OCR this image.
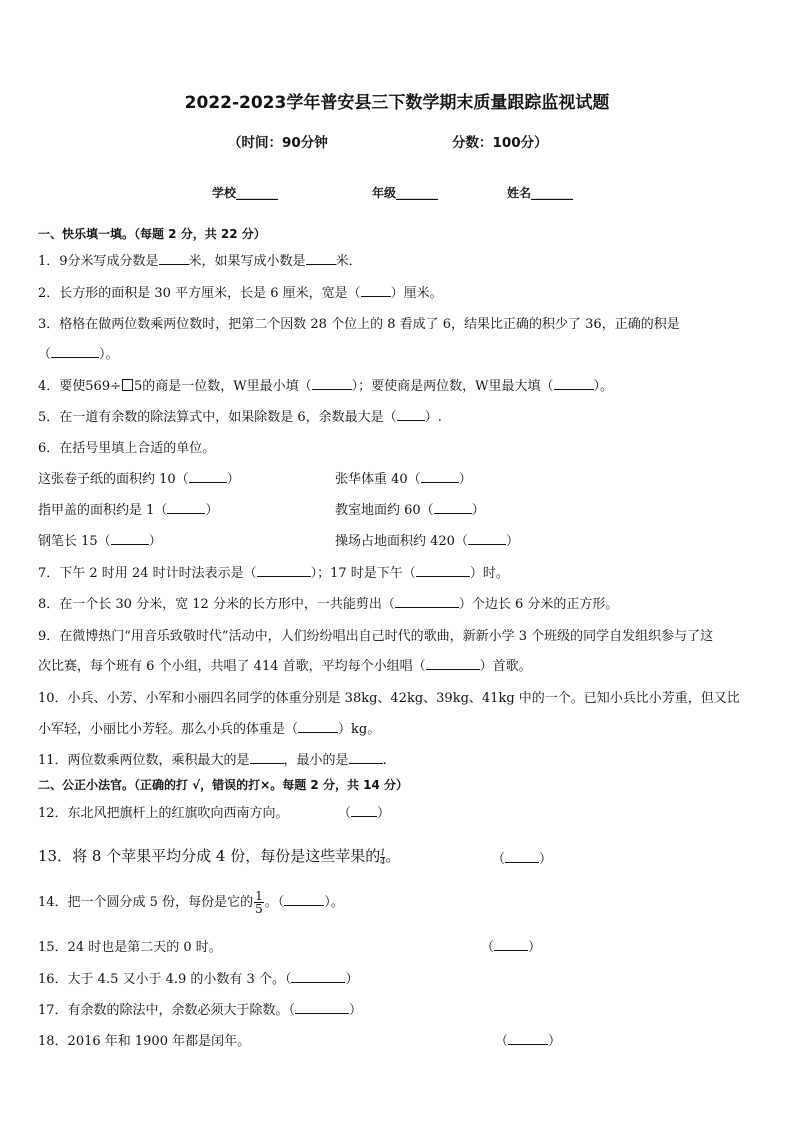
2022-2023学年普安县三下数学期末质量跟踪监视试题
（时间：90分钟	分数：100分）
学校_______	年级_______	姓名_______
一、快乐填一填。（每题 2 分，共 22 分）
1．9分米写成分数是 米，如果写成小数是 米．
2．长方形的面积是 30 平方厘米，长是 6 厘米，宽是（ ）厘米。
3．格格在做两位数乘两位数时，把第二个因数 28 个位上的 8 看成了 6，结果比正确的积少了 36，正确的积是
（	）。
4．要使569÷ 5的商是一位数，W里最小填（	）；要使商是两位数，W里最大填（	）。
5．在一道有余数的除法算式中，如果除数是 6，余数最大是（ ）.
6．在括号里填上合适的单位。
这张卷子纸的面积约 10（	）	张华体重 40（	）
指甲盖的面积约是 1（	）	教室地面约 60（	）
钢笔长 15（	）	操场占地面积约 420（	）
7．下午 2 时用 24 时计时法表示是（	）；17 时是下午（	）时。
8．在一个长 30 分米，宽 12 分米的长方形中，一共能剪出（	）个边长 6 分米的正方形。
9．在微博热门“用音乐致敬时代”活动中，人们纷纷唱出自己时代的歌曲，新新小学 3 个班级的同学自发组织参与了这
次比赛，每个班有 6 个小组，共唱了 414 首歌，平均每个小组唱（	）首歌。
10．小兵、小芳、小军和小丽四名同学的体重分别是 38kg、42kg、39kg、41kg 中的一个。已知小兵比小芳重，但又比
小军轻，小丽比小芳轻。那么小兵的体重是（	）kg。
11．两位数乘两位数，乘积最大的是	，最小的是	.
二、公正小法官。（正确的打 √，错误的打×。每题 2 分，共 14 分）
12．东北风把旗杆上的红旗吹向西南方向。	（ ）
13．将 8 个苹果平均分成 4 份，每份是这些苹果的 $\frac{1}{4}$ 。	（	）
14．把一个圆分成 5 份，每份是它的 $\frac{1}{5}$ 。（	）。
15．24 时也是第二天的 0 时。	（	）
16．大于 4.5 又小于 4.9 的小数有 3 个。（	）
17．有余数的除法中，余数必须大于除数。（	）
18．2016 年和 1900 年都是闰年。	（	）
